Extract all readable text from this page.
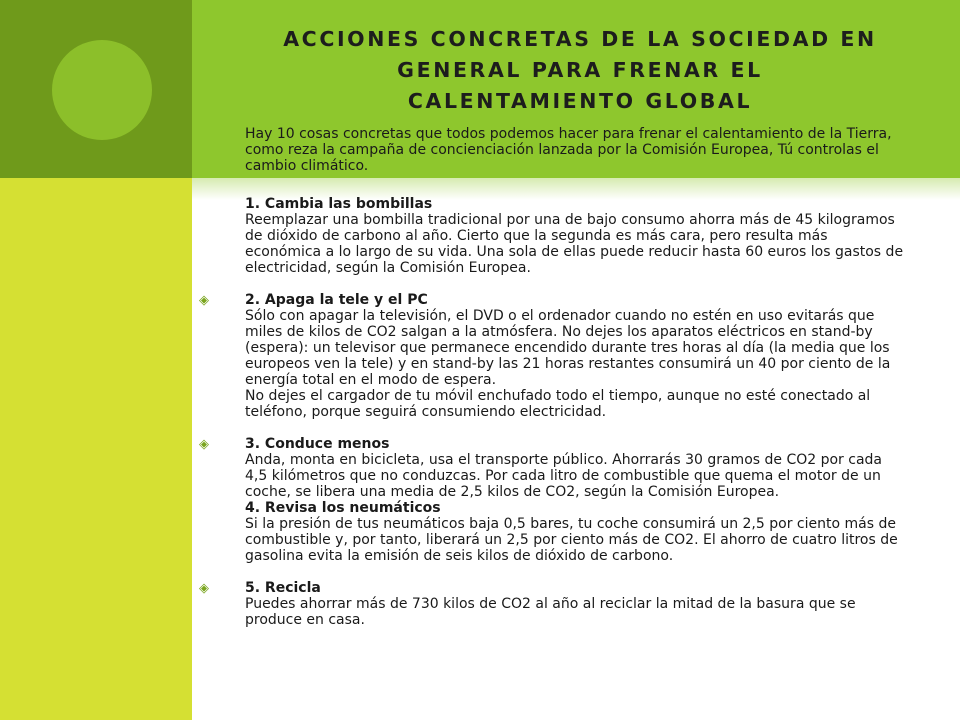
ACCIONES CONCRETAS DE LA SOCIEDAD EN
GENERAL PARA FRENAR EL
CALENTAMIENTO GLOBAL

Hay 10 cosas concretas que todos podemos hacer para frenar el calentamiento de la Tierra,
como reza la campaña de concienciación lanzada por la Comisión Europea, Tú controlas el
cambio climático.

1. Cambia las bombillas
Reemplazar una bombilla tradicional por una de bajo consumo ahorra más de 45 kilogramos
de dióxido de carbono al año. Cierto que la segunda es más cara, pero resulta más
económica a lo largo de su vida. Una sola de ellas puede reducir hasta 60 euros los gastos de
electricidad, según la Comisión Europea.
◈	2. Apaga la tele y el PC
Sólo con apagar la televisión, el DVD o el ordenador cuando no estén en uso evitarás que
miles de kilos de CO2 salgan a la atmósfera. No dejes los aparatos eléctricos en stand-by
(espera): un televisor que permanece encendido durante tres horas al día (la media que los
europeos ven la tele) y en stand-by las 21 horas restantes consumirá un 40 por ciento de la
energía total en el modo de espera.
No dejes el cargador de tu móvil enchufado todo el tiempo, aunque no esté conectado al
teléfono, porque seguirá consumiendo electricidad.
◈	3. Conduce menos
Anda, monta en bicicleta, usa el transporte público. Ahorrarás 30 gramos de CO2 por cada
4,5 kilómetros que no conduzcas. Por cada litro de combustible que quema el motor de un
coche, se libera una media de 2,5 kilos de CO2, según la Comisión Europea.
4. Revisa los neumáticos
Si la presión de tus neumáticos baja 0,5 bares, tu coche consumirá un 2,5 por ciento más de
combustible y, por tanto, liberará un 2,5 por ciento más de CO2. El ahorro de cuatro litros de
gasolina evita la emisión de seis kilos de dióxido de carbono.
◈	5. Recicla
Puedes ahorrar más de 730 kilos de CO2 al año al reciclar la mitad de la basura que se
produce en casa.
